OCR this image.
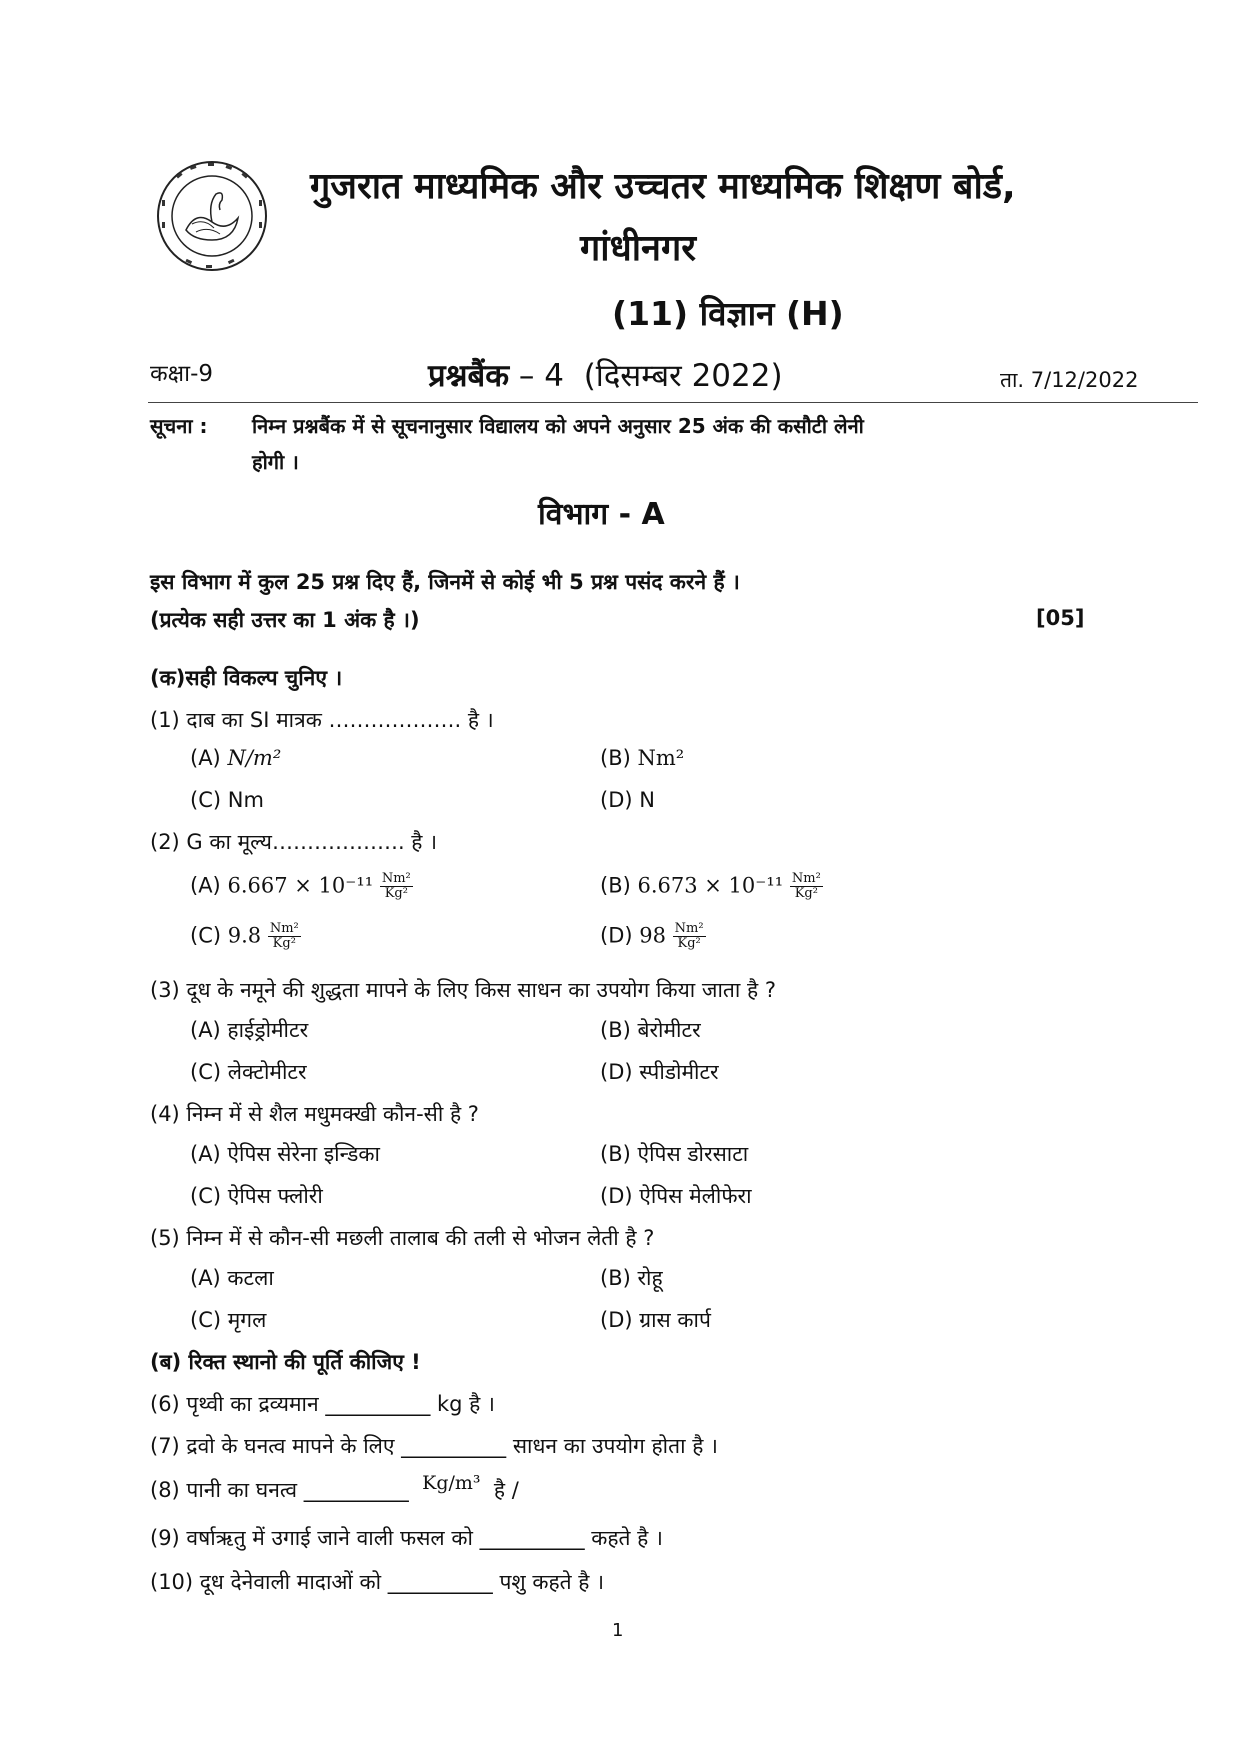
गुजरात माध्यमिक और उच्चतर माध्यमिक शिक्षण बोर्ड,
गांधीनगर
(11) विज्ञान (H)
कक्षा-9	प्रश्नबैंक – 4  (दिसम्बर 2022)	ता. 7/12/2022
सूचना : निम्न प्रश्नबैंक में से सूचनानुसार विद्यालय को अपने अनुसार 25 अंक की कसौटी लेनी
होगी ।
विभाग - A
इस विभाग में कुल 25 प्रश्न दिए हैं, जिनमें से कोई भी 5 प्रश्न पसंद करने हैं ।
(प्रत्येक सही उत्तर का 1 अंक है ।)	[05]
(क)सही विकल्प चुनिए ।
(1) दाब का SI मात्रक ………………. है ।
(A) N/m²	(B) Nm²
(C) Nm	(D) N
(2) G का मूल्य………………. है ।
(A) $6.667 \times 10^{-11} \frac{\text{Nm²}}{\text{Kg²}}$	(B) $6.673 \times 10^{-11} \frac{\text{Nm²}}{\text{Kg²}}$
(C) $9.8 \frac{\text{Nm²}}{\text{Kg²}}$	(D) $98 \frac{\text{Nm²}}{\text{Kg²}}$
(3) दूध के नमूने की शुद्धता मापने के लिए किस साधन का उपयोग किया जाता है ?
(A) हाईड्रोमीटर	(B) बेरोमीटर
(C) लेक्टोमीटर	(D) स्पीडोमीटर
(4) निम्न में से शैल मधुमक्खी कौन-सी है ?
(A) ऐपिस सेरेना इन्डिका	(B) ऐपिस डोरसाटा
(C) ऐपिस फ्लोरी	(D) ऐपिस मेलीफेरा
(5) निम्न में से कौन-सी मछली तालाब की तली से भोजन लेती है ?
(A) कटला	(B) रोहू
(C) मृगल	(D) ग्रास कार्प
(ब) रिक्त स्थानो की पूर्ति कीजिए !
(6) पृथ्वी का द्रव्यमान __________ kg है ।
(7) द्रवो के घनत्व मापने के लिए __________ साधन का उपयोग होता है ।
(8) पानी का घनत्व __________ Kg/m³ है /
(9) वर्षाऋतु में उगाई जाने वाली फसल को __________ कहते है ।
(10) दूध देनेवाली मादाओं को __________ पशु कहते है ।
1
